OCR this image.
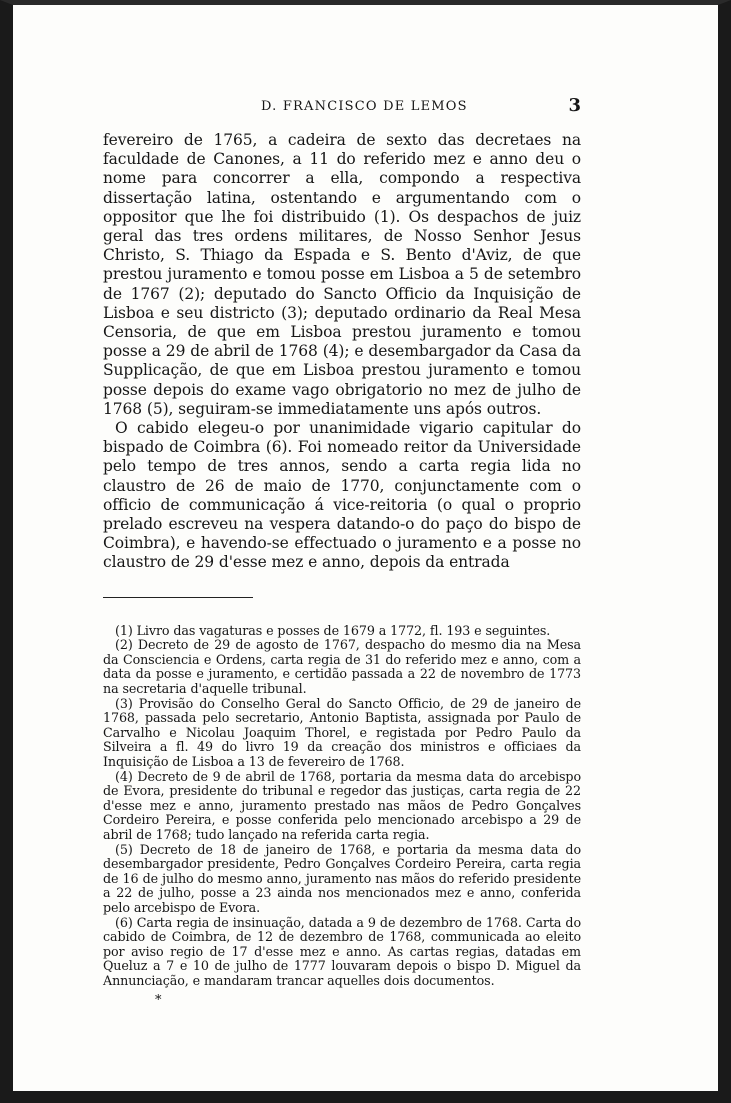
D. FRANCISCO DE LEMOS	3

fevereiro de 1765, a cadeira de sexto das decretaes na faculdade de Canones, a 11 do referido mez e anno deu o nome para concorrer a ella, compondo a respectiva dissertação latina, ostentando e argumentando com o oppositor que lhe foi distribuido (1). Os despachos de juiz geral das tres ordens militares, de Nosso Senhor Jesus Christo, S. Thiago da Espada e S. Bento d'Aviz, de que prestou juramento e tomou posse em Lisboa a 5 de setembro de 1767 (2); deputado do Sancto Officio da Inquisição de Lisboa e seu districto (3); deputado ordinario da Real Mesa Censoria, de que em Lisboa prestou juramento e tomou posse a 29 de abril de 1768 (4); e desembargador da Casa da Supplicação, de que em Lisboa prestou juramento e tomou posse depois do exame vago obrigatorio no mez de julho de 1768 (5), seguiram-se immediatamente uns após outros.

O cabido elegeu-o por unanimidade vigario capitular do bispado de Coimbra (6). Foi nomeado reitor da Universidade pelo tempo de tres annos, sendo a carta regia lida no claustro de 26 de maio de 1770, conjunctamente com o officio de communicação á vice-reitoria (o qual o proprio prelado escreveu na vespera datando-o do paço do bispo de Coimbra), e havendo-se effectuado o juramento e a posse no claustro de 29 d'esse mez e anno, depois da entrada

(1) Livro das vagaturas e posses de 1679 a 1772, fl. 193 e seguintes.

(2) Decreto de 29 de agosto de 1767, despacho do mesmo dia na Mesa da Consciencia e Ordens, carta regia de 31 do referido mez e anno, com a data da posse e juramento, e certidão passada a 22 de novembro de 1773 na secretaria d'aquelle tribunal.

(3) Provisão do Conselho Geral do Sancto Officio, de 29 de janeiro de 1768, passada pelo secretario, Antonio Baptista, assignada por Paulo de Carvalho e Nicolau Joaquim Thorel, e registada por Pedro Paulo da Silveira a fl. 49 do livro 19 da creação dos ministros e officiaes da Inquisição de Lisboa a 13 de fevereiro de 1768.

(4) Decreto de 9 de abril de 1768, portaria da mesma data do arcebispo de Evora, presidente do tribunal e regedor das justiças, carta regia de 22 d'esse mez e anno, juramento prestado nas mãos de Pedro Gonçalves Cordeiro Pereira, e posse conferida pelo mencionado arcebispo a 29 de abril de 1768; tudo lançado na referida carta regia.

(5) Decreto de 18 de janeiro de 1768, e portaria da mesma data do desembargador presidente, Pedro Gonçalves Cordeiro Pereira, carta regia de 16 de julho do mesmo anno, juramento nas mãos do referido presidente a 22 de julho, posse a 23 ainda nos mencionados mez e anno, conferida pelo arcebispo de Evora.

(6) Carta regia de insinuação, datada a 9 de dezembro de 1768. Carta do cabido de Coimbra, de 12 de dezembro de 1768, communicada ao eleito por aviso regio de 17 d'esse mez e anno. As cartas regias, datadas em Queluz a 7 e 10 de julho de 1777 louvaram depois o bispo D. Miguel da Annunciação, e mandaram trancar aquelles dois documentos.

*
